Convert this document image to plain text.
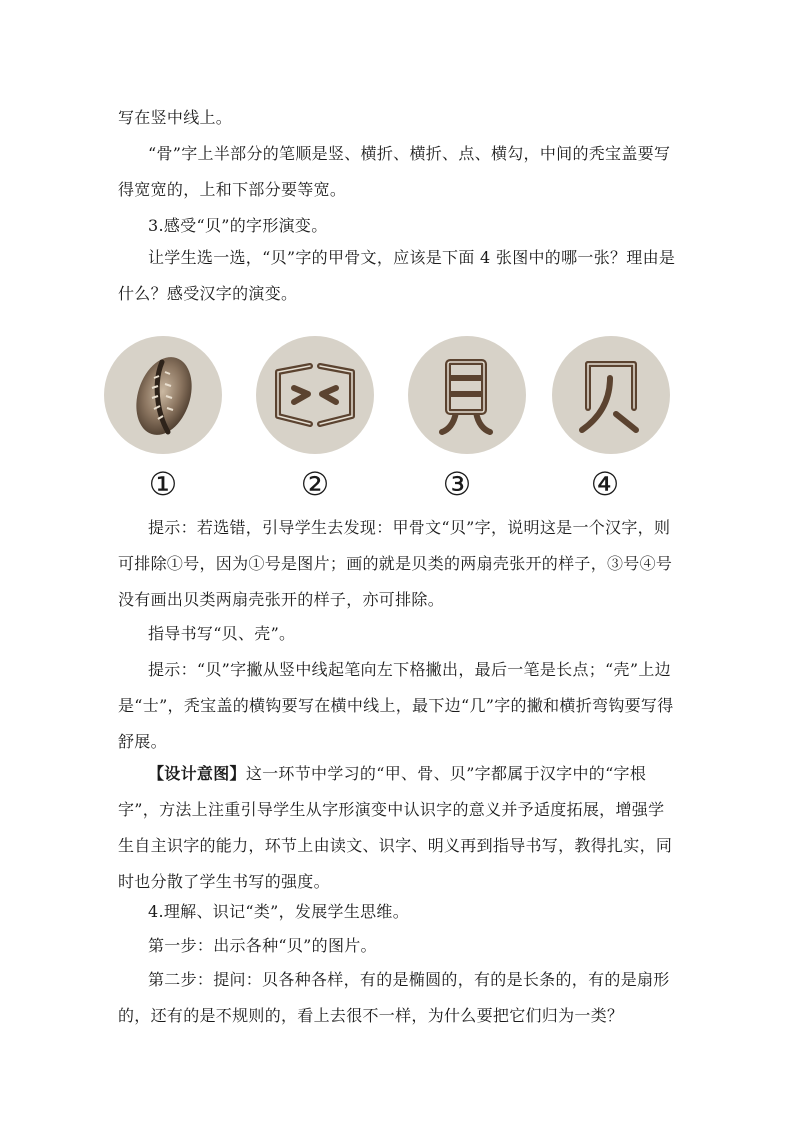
写在竖中线上。

“骨”字上半部分的笔顺是竖、横折、横折、点、横勾，中间的秃宝盖要写得宽宽的，上和下部分要等宽。

3.感受“贝”的字形演变。

让学生选一选，“贝”字的甲骨文，应该是下面 4 张图中的哪一张？理由是什么？感受汉字的演变。

①	②	③	④

提示：若选错，引导学生去发现：甲骨文“贝”字，说明这是一个汉字，则可排除①号，因为①号是图片；画的就是贝类的两扇壳张开的样子，③号④号没有画出贝类两扇壳张开的样子，亦可排除。

指导书写“贝、壳”。

提示：“贝”字撇从竖中线起笔向左下格撇出，最后一笔是长点；“壳”上边是“士”，秃宝盖的横钩要写在横中线上，最下边“几”字的撇和横折弯钩要写得舒展。

【设计意图】这一环节中学习的“甲、骨、贝”字都属于汉字中的“字根字”，方法上注重引导学生从字形演变中认识字的意义并予适度拓展，增强学生自主识字的能力，环节上由读文、识字、明义再到指导书写，教得扎实，同时也分散了学生书写的强度。

4.理解、识记“类”，发展学生思维。

第一步：出示各种“贝”的图片。

第二步：提问：贝各种各样，有的是椭圆的，有的是长条的，有的是扇形的，还有的是不规则的，看上去很不一样，为什么要把它们归为一类？
